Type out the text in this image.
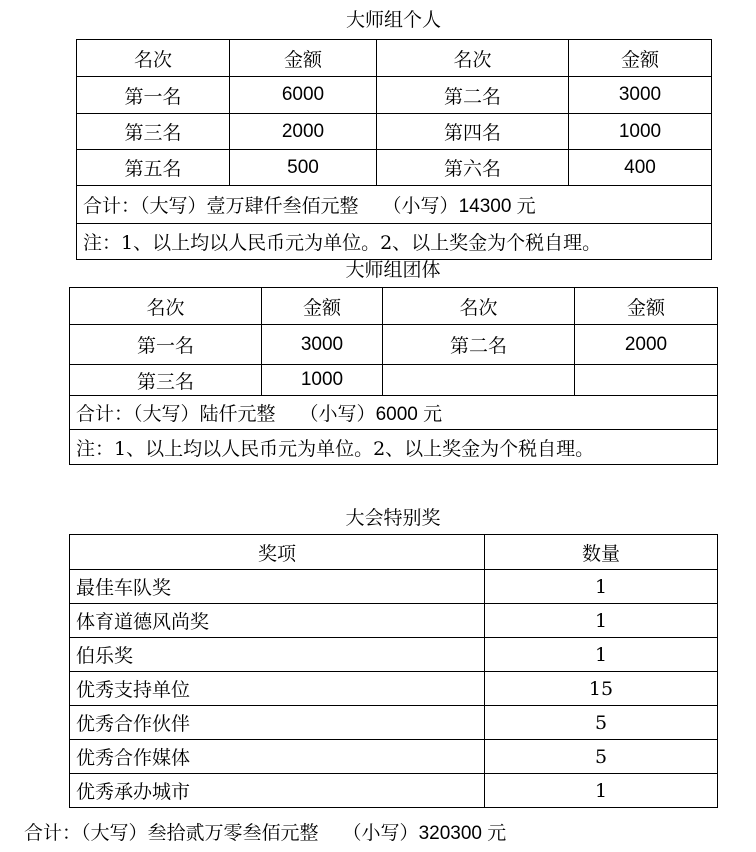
大师组个人
名次	金额	名次	金额
第一名	6000	第二名	3000
第三名	2000	第四名	1000
第五名	500	第六名	400
合计：（大写）壹万肆仟叁佰元整 （小写）14300 元			
注：1、以上均以人民币元为单位。2、以上奖金为个税自理。			
大师组团体
名次	金额	名次	金额
第一名	3000	第二名	2000
第三名	1000		
合计：（大写）陆仟元整 （小写）6000 元			
注：1、以上均以人民币元为单位。2、以上奖金为个税自理。			
大会特别奖
奖项	数量
最佳车队奖	1
体育道德风尚奖	1
伯乐奖	1
优秀支持单位	15
优秀合作伙伴	5
优秀合作媒体	5
优秀承办城市	1
合计：（大写）叁拾贰万零叁佰元整 （小写）320300 元
